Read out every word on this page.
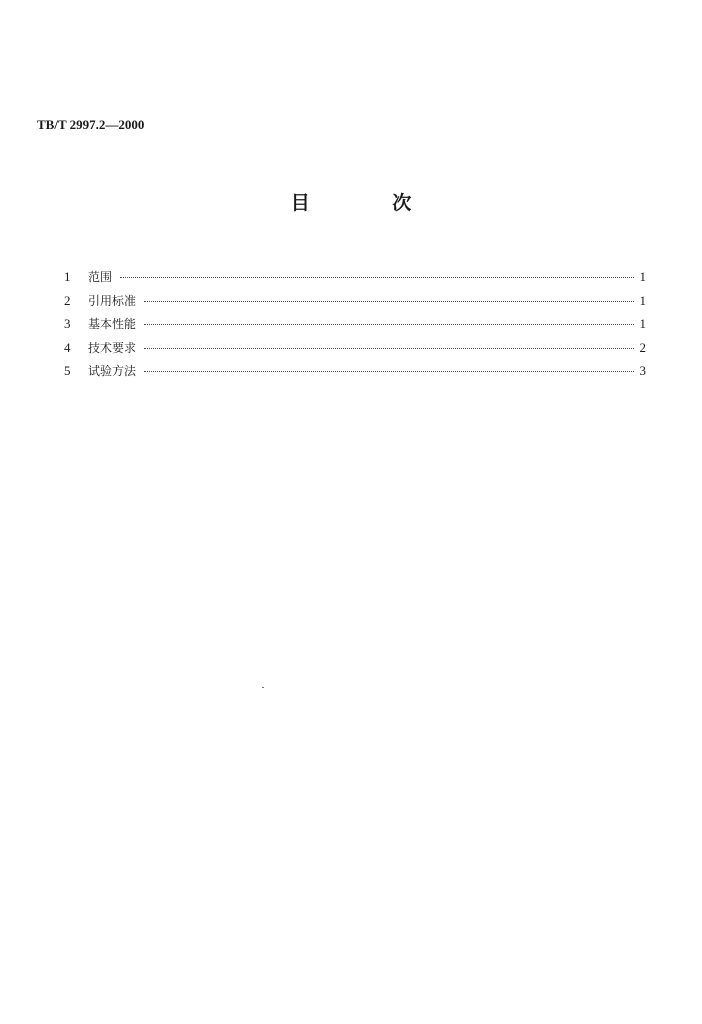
TB/T 2997.2—2000
目 次
1	范围	1
2	引用标准	1
3	基本性能	1
4	技术要求	2
5	试验方法	3
